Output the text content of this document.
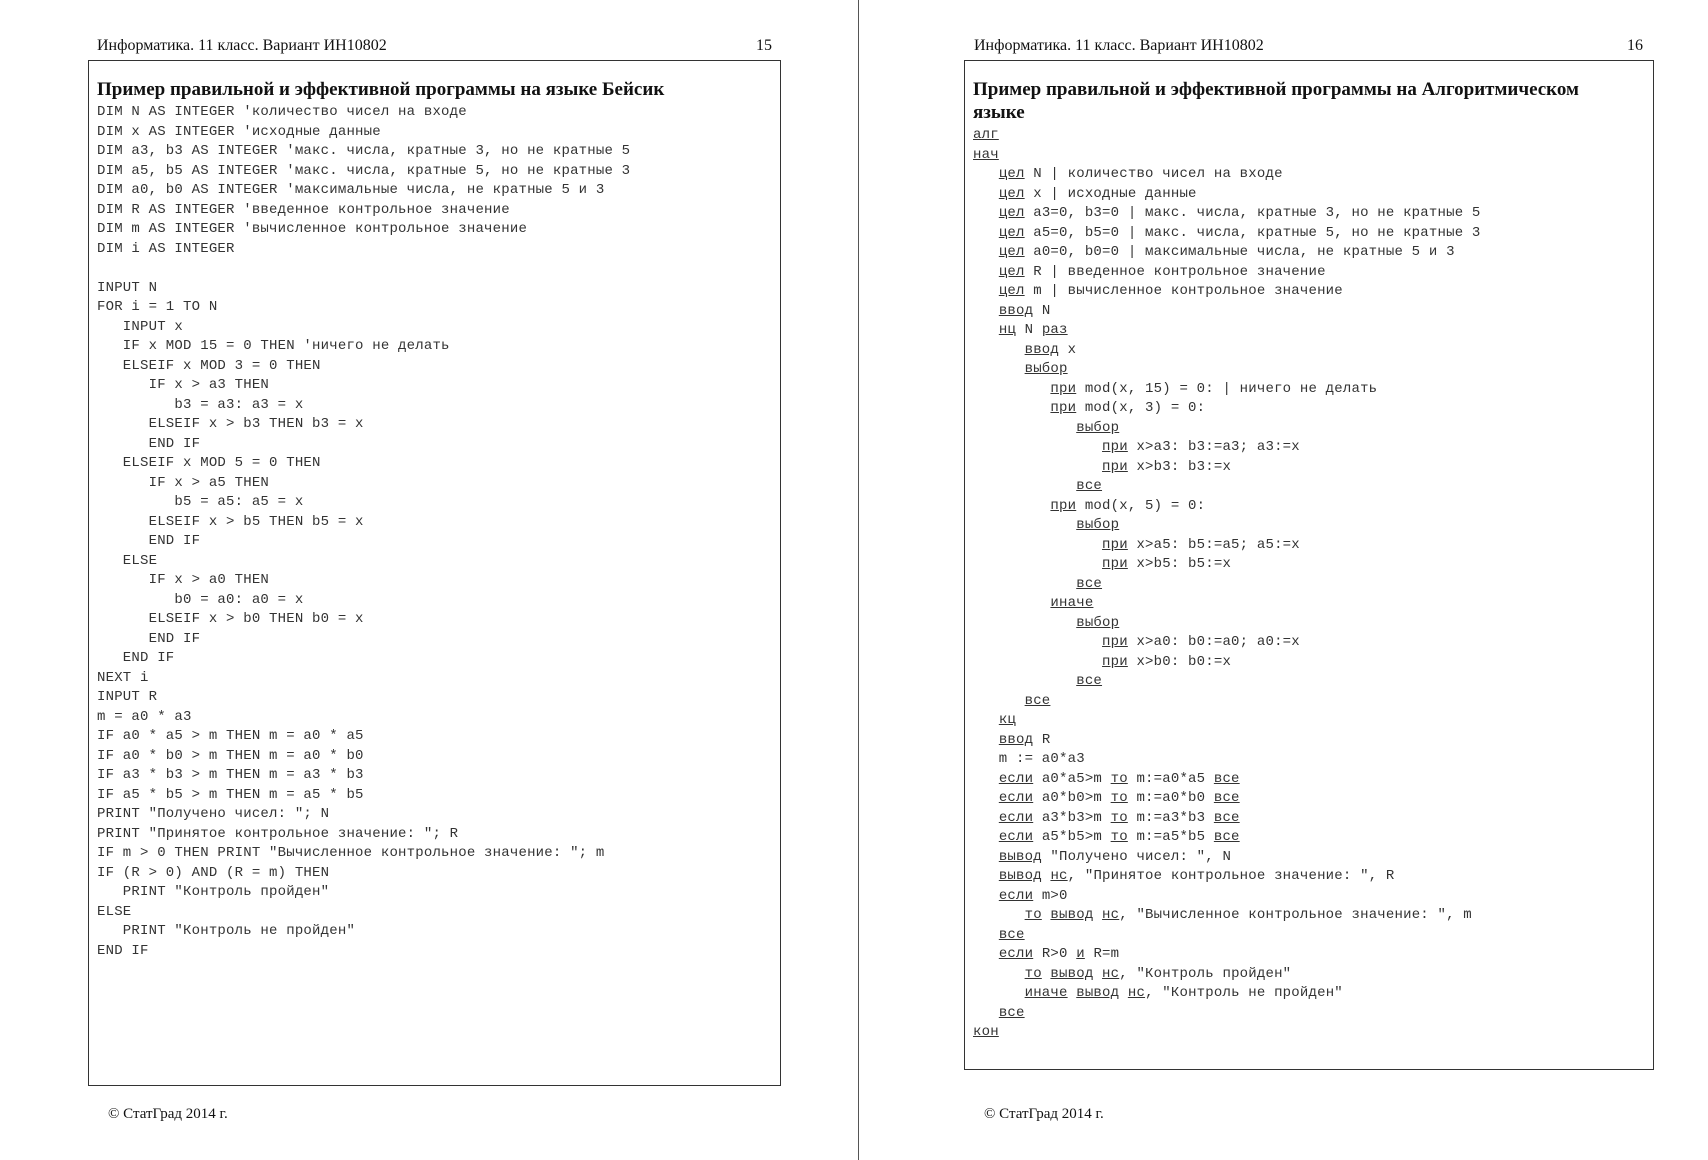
Информатика. 11 класс. Вариант ИН10802	15
Пример правильной и эффективной программы на языке Бейсик
DIM N AS INTEGER 'количество чисел на входе
DIM x AS INTEGER 'исходные данные
DIM a3, b3 AS INTEGER 'макс. числа, кратные 3, но не кратные 5
DIM a5, b5 AS INTEGER 'макс. числа, кратные 5, но не кратные 3
DIM a0, b0 AS INTEGER 'максимальные числа, не кратные 5 и 3
DIM R AS INTEGER 'введенное контрольное значение
DIM m AS INTEGER 'вычисленное контрольное значение
DIM i AS INTEGER
INPUT N
FOR i = 1 TO N
INPUT x
IF x MOD 15 = 0 THEN 'ничего не делать
ELSEIF x MOD 3 = 0 THEN
IF x > a3 THEN
b3 = a3: a3 = x
ELSEIF x > b3 THEN b3 = x
END IF
ELSEIF x MOD 5 = 0 THEN
IF x > a5 THEN
b5 = a5: a5 = x
ELSEIF x > b5 THEN b5 = x
END IF
ELSE
IF x > a0 THEN
b0 = a0: a0 = x
ELSEIF x > b0 THEN b0 = x
END IF
END IF
NEXT i
INPUT R
m = a0 * a3
IF a0 * a5 > m THEN m = a0 * a5
IF a0 * b0 > m THEN m = a0 * b0
IF a3 * b3 > m THEN m = a3 * b3
IF a5 * b5 > m THEN m = a5 * b5
PRINT "Получено чисел: "; N
PRINT "Принятое контрольное значение: "; R
IF m > 0 THEN PRINT "Вычисленное контрольное значение: "; m
IF (R > 0) AND (R = m) THEN
PRINT "Контроль пройден"
ELSE
PRINT "Контроль не пройден"
END IF
© СтатГрад 2014 г.
Информатика. 11 класс. Вариант ИН10802	16
Пример правильной и эффективной программы на Алгоритмическом языке
алг
нач
цел N | количество чисел на входе
цел x | исходные данные
цел a3=0, b3=0 | макс. числа, кратные 3, но не кратные 5
цел a5=0, b5=0 | макс. числа, кратные 5, но не кратные 3
цел a0=0, b0=0 | максимальные числа, не кратные 5 и 3
цел R | введенное контрольное значение
цел m | вычисленное контрольное значение
ввод N
нц N раз
ввод x
выбор
при mod(x, 15) = 0: | ничего не делать
при mod(x, 3) = 0:
выбор
при x>a3: b3:=a3; a3:=x
при x>b3: b3:=x
все
при mod(x, 5) = 0:
выбор
при x>a5: b5:=a5; a5:=x
при x>b5: b5:=x
все
иначе
выбор
при x>a0: b0:=a0; a0:=x
при x>b0: b0:=x
все
все
кц
ввод R
m := a0*a3
если a0*a5>m то m:=a0*a5 все
если a0*b0>m то m:=a0*b0 все
если a3*b3>m то m:=a3*b3 все
если a5*b5>m то m:=a5*b5 все
вывод "Получено чисел: ", N
вывод нс, "Принятое контрольное значение: ", R
если m>0
то вывод нс, "Вычисленное контрольное значение: ", m
все
если R>0 и R=m
то вывод нс, "Контроль пройден"
иначе вывод нс, "Контроль не пройден"
все
кон
© СтатГрад 2014 г.
